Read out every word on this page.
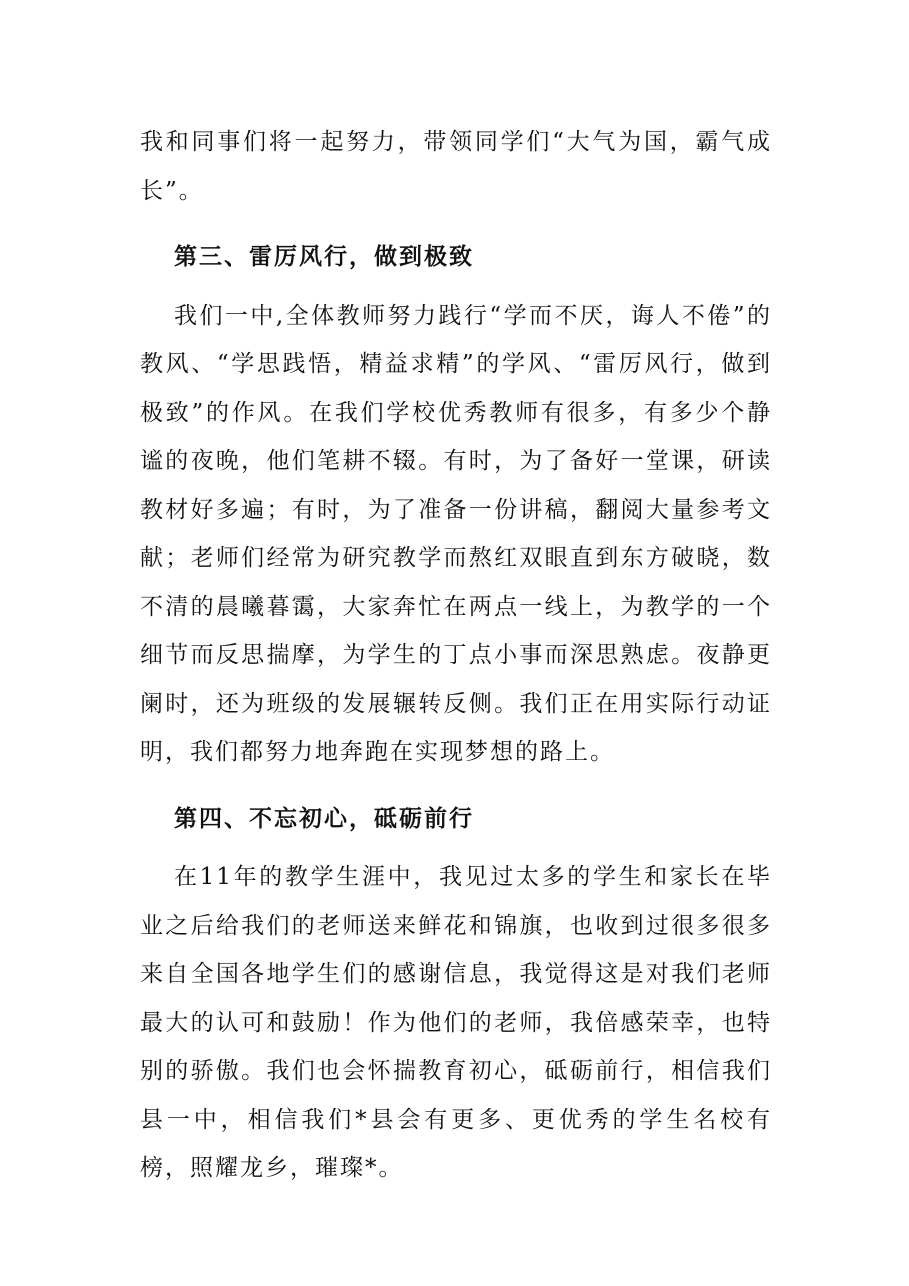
我和同事们将一起努力，带领同学们“大气为国，霸气成长”。

第三、雷厉风行，做到极致

我们一中,全体教师努力践行“学而不厌，诲人不倦”的教风、“学思践悟，精益求精”的学风、“雷厉风行，做到极致”的作风。在我们学校优秀教师有很多，有多少个静谧的夜晚，他们笔耕不辍。有时，为了备好一堂课，研读教材好多遍；有时，为了准备一份讲稿，翻阅大量参考文献；老师们经常为研究教学而熬红双眼直到东方破晓，数不清的晨曦暮霭，大家奔忙在两点一线上，为教学的一个细节而反思揣摩，为学生的丁点小事而深思熟虑。夜静更阑时，还为班级的发展辗转反侧。我们正在用实际行动证明，我们都努力地奔跑在实现梦想的路上。

第四、不忘初心，砥砺前行

在11年的教学生涯中，我见过太多的学生和家长在毕业之后给我们的老师送来鲜花和锦旗，也收到过很多很多来自全国各地学生们的感谢信息，我觉得这是对我们老师最大的认可和鼓励！作为他们的老师，我倍感荣幸，也特别的骄傲。我们也会怀揣教育初心，砥砺前行，相信我们县一中，相信我们*县会有更多、更优秀的学生名校有榜，照耀龙乡，璀璨*。
